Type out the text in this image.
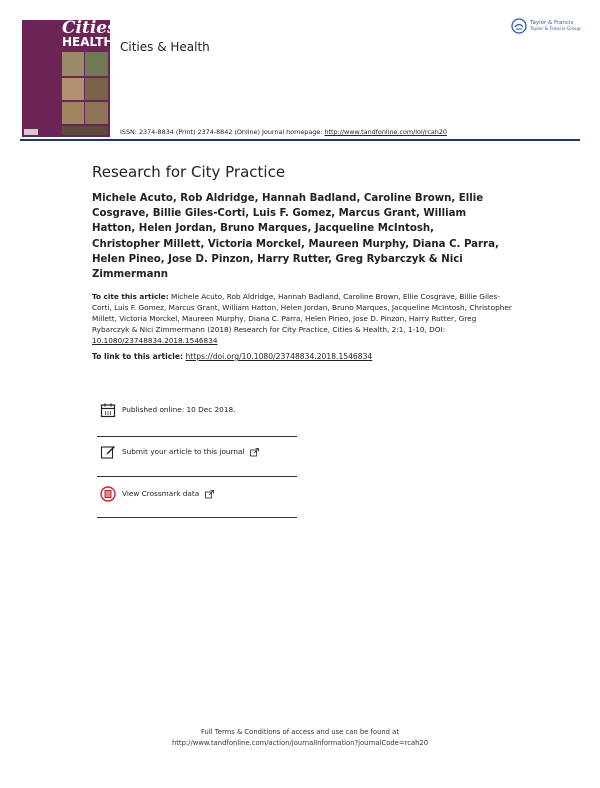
Cities
HEALTH Cities & Health
Taylor & Francis
Taylor & Francis Group
ISSN: 2374-8834 (Print) 2374-8842 (Online) Journal homepage: http://www.tandfonline.com/loi/rcah20
Research for City Practice
Michele Acuto, Rob Aldridge, Hannah Badland, Caroline Brown, Ellie Cosgrave, Billie Giles-Corti, Luis F. Gomez, Marcus Grant, William Hatton, Helen Jordan, Bruno Marques, Jacqueline McIntosh, Christopher Millett, Victoria Morckel, Maureen Murphy, Diana C. Parra, Helen Pineo, Jose D. Pinzon, Harry Rutter, Greg Rybarczyk & Nici Zimmermann
To cite this article: Michele Acuto, Rob Aldridge, Hannah Badland, Caroline Brown, Ellie Cosgrave, Billie Giles-Corti, Luis F. Gomez, Marcus Grant, William Hatton, Helen Jordan, Bruno Marques, Jacqueline McIntosh, Christopher Millett, Victoria Morckel, Maureen Murphy, Diana C. Parra, Helen Pineo, Jose D. Pinzon, Harry Rutter, Greg Rybarczyk & Nici Zimmermann (2018) Research for City Practice, Cities & Health, 2:1, 1-10, DOI: 10.1080/23748834.2018.1546834
To link to this article: https://doi.org/10.1080/23748834.2018.1546834
Published online: 10 Dec 2018.
Submit your article to this journal
View Crossmark data
Full Terms & Conditions of access and use can be found at
http://www.tandfonline.com/action/journalInformation?journalCode=rcah20
